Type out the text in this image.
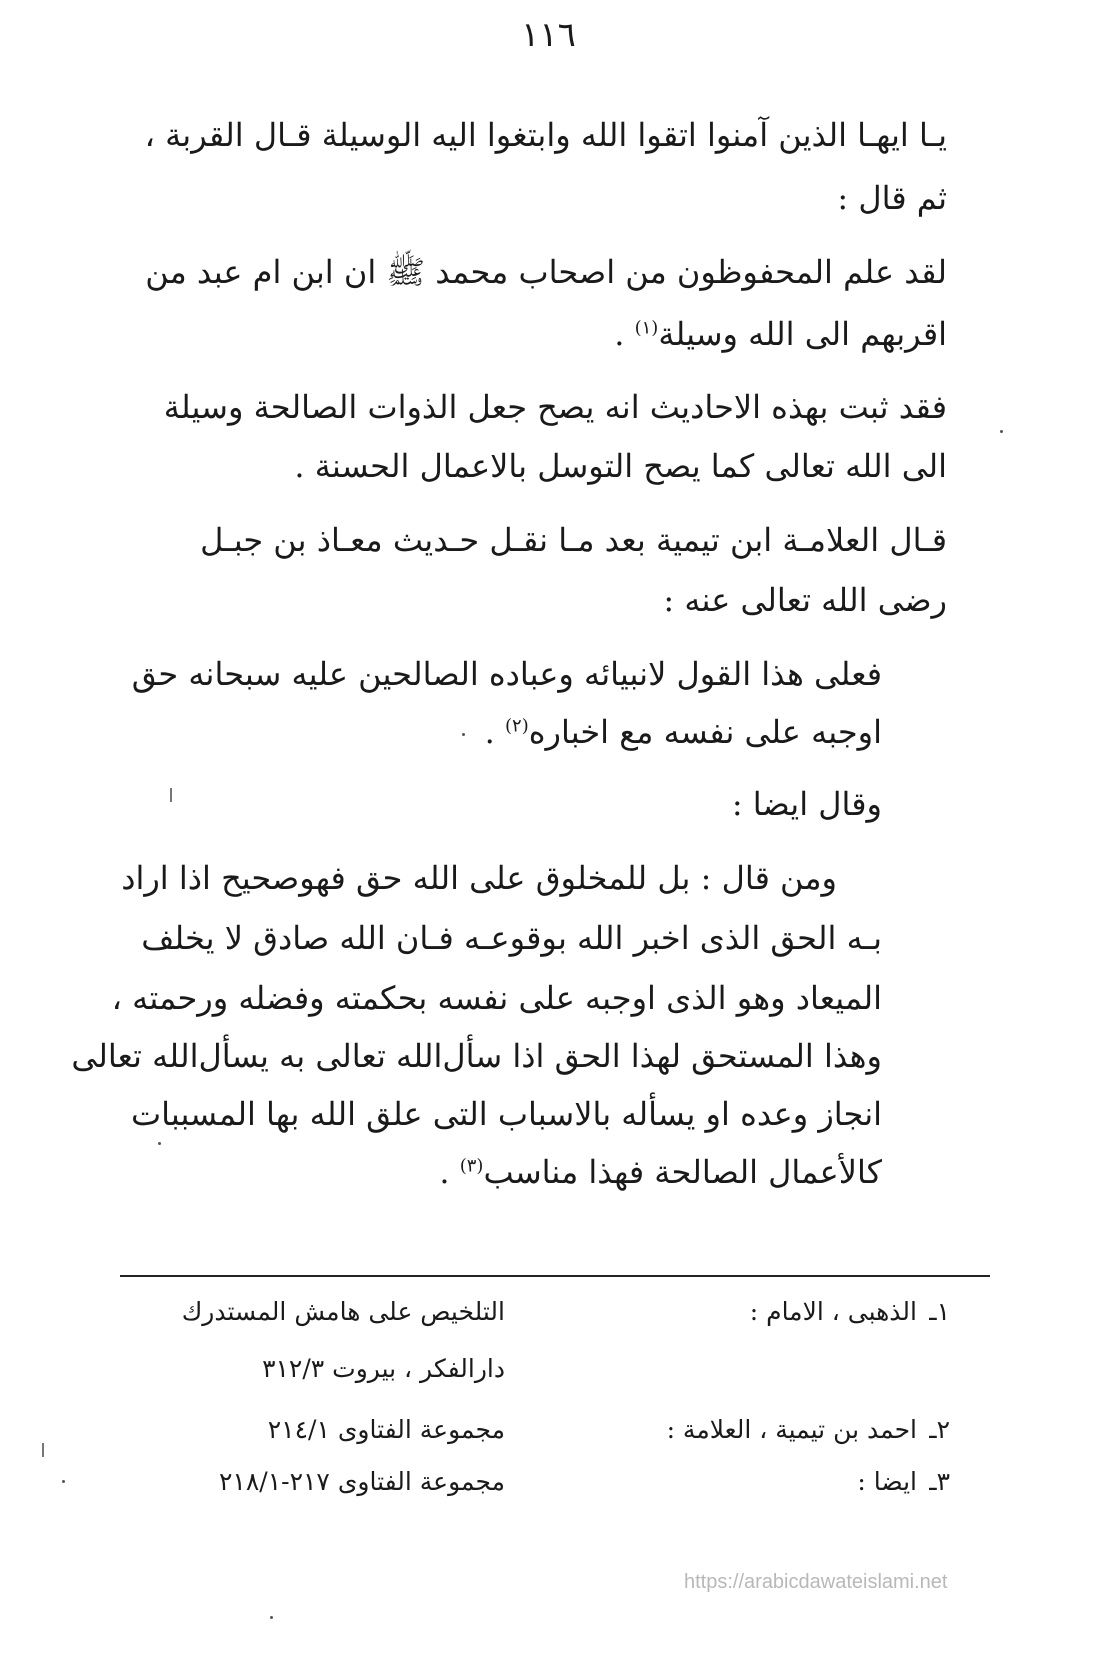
١١٦
يـا ايهـا الذين آمنوا اتقوا الله وابتغوا اليه الوسيلة قـال القربة ،
ثم قال :
لقد علم المحفوظون من اصحاب محمد ﷺ ان ابن ام عبد من
اقربهم الى الله وسيلة$^{(١)}$ .
فقد ثبت بهذه الاحاديث انه يصح جعل الذوات الصالحة وسيلة
الى الله تعالى كما يصح التوسل بالاعمال الحسنة .
قـال العلامـة ابن تيمية بعد مـا نقـل حـديث معـاذ بن جبـل
رضى الله تعالى عنه :
فعلى هذا القول لانبيائه وعباده الصالحين عليه سبحانه حق
اوجبه على نفسه مع اخباره$^{(٢)}$ .
وقال ايضا :
ومن قال : بل للمخلوق على الله حق فهوصحيح اذا اراد
بـه الحق الذى اخبر الله بوقوعـه فـان الله صادق لا يخلف
الميعاد وهو الذى اوجبه على نفسه بحكمته وفضله ورحمته ،
وهذا المستحق لهذا الحق اذا سأل‌الله تعالى به يسأل‌الله تعالى
انجاز وعده او يسأله بالاسباب التى علق الله بها المسببات
كالأعمال الصالحة فهذا مناسب$^{(٣)}$ .
١ـ
الذهبى ، الامام :
التلخيص على هامش المستدرك
دارالفكر ، بيروت ٣١٢/٣
٢ـ
احمد بن تيمية ، العلامة :
مجموعة الفتاوى ٢١٤/١
٣ـ
ايضا :
مجموعة الفتاوى ٢١٧-٢١٨/١
https://arabicdawateislami.net
